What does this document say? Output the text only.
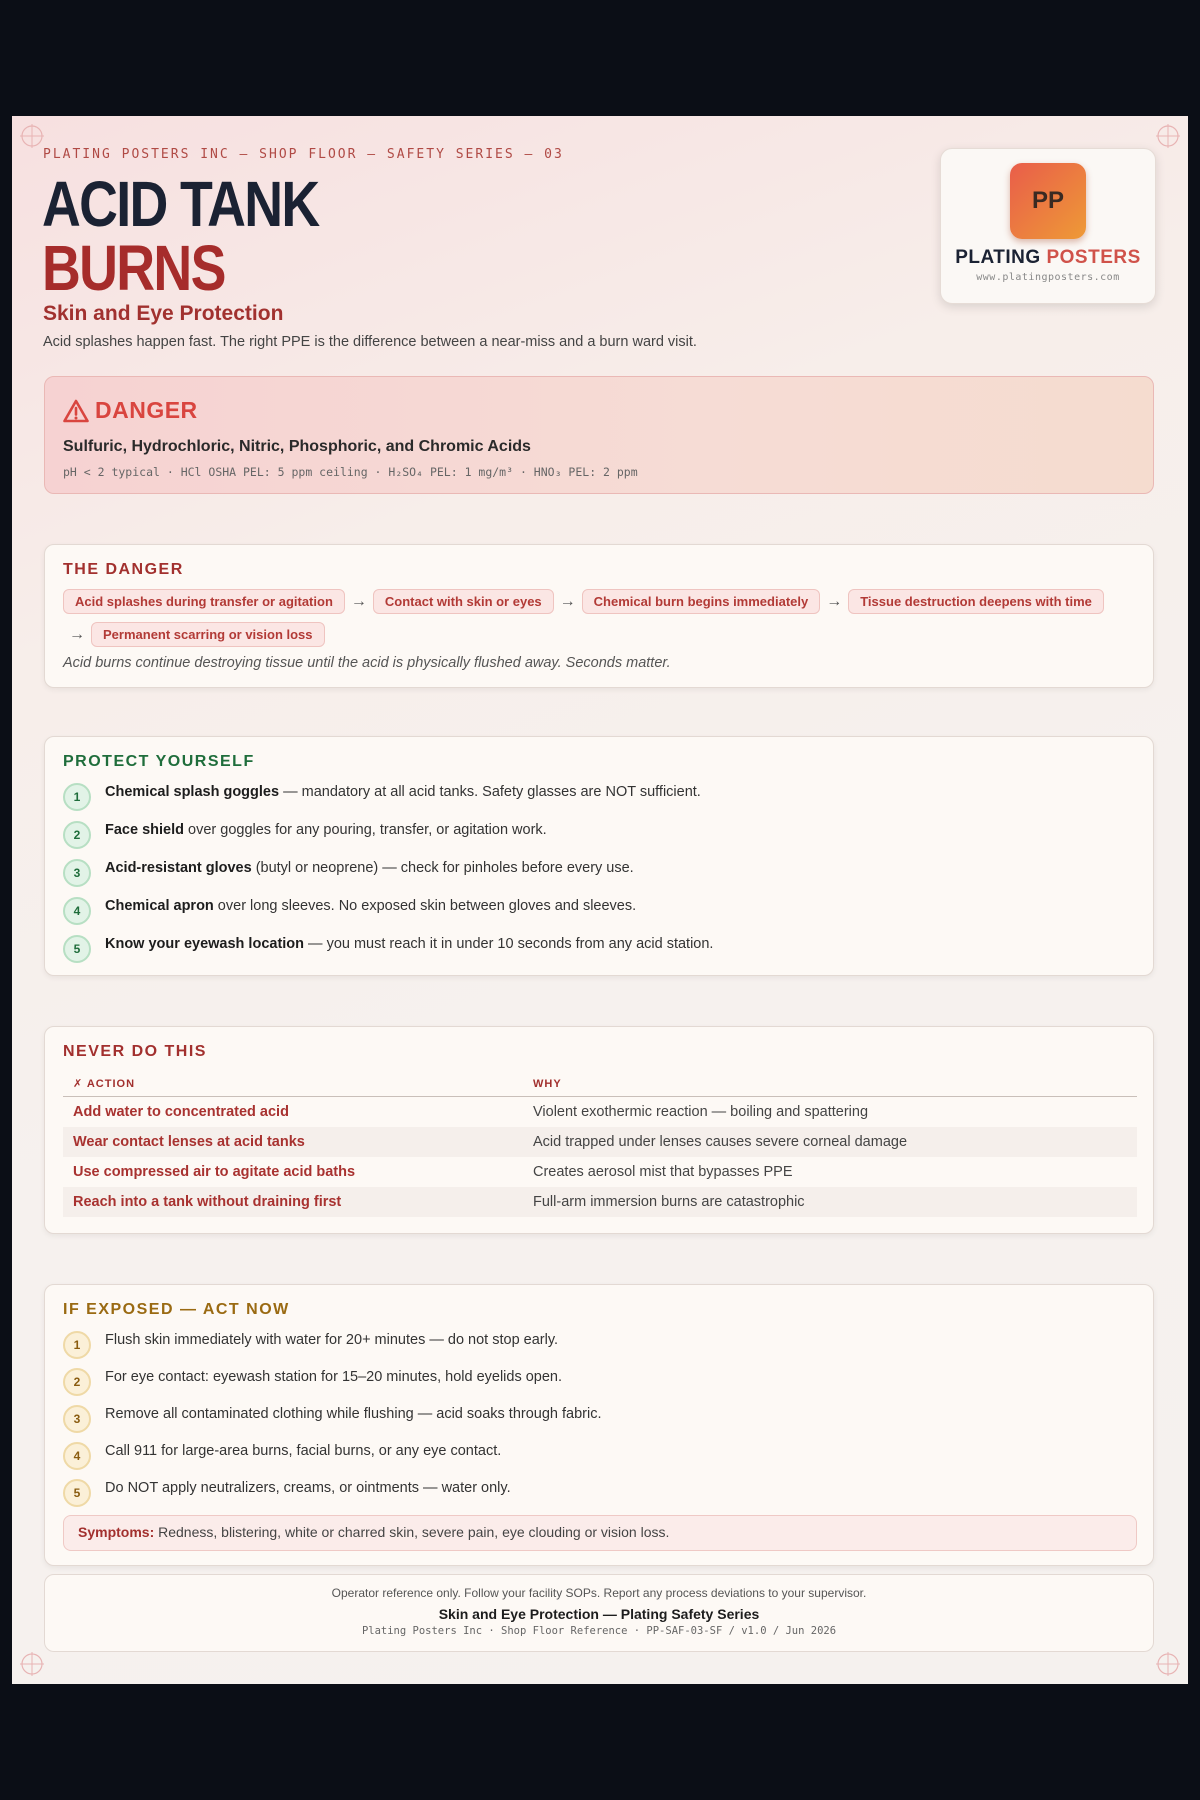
PLATING POSTERS INC — SHOP FLOOR — SAFETY SERIES — 03
ACID TANK
BURNS
Skin and Eye Protection
Acid splashes happen fast. The right PPE is the difference between a near-miss and a burn ward visit.
PP
PLATING POSTERS
www.platingposters.com
DANGER
Sulfuric, Hydrochloric, Nitric, Phosphoric, and Chromic Acids
pH < 2 typical · HCl OSHA PEL: 5 ppm ceiling · H₂SO₄ PEL: 1 mg/m³ · HNO₃ PEL: 2 ppm
THE DANGER
Acid splashes during transfer or agitation → Contact with skin or eyes → Chemical burn begins immediately → Tissue destruction deepens with time
→ Permanent scarring or vision loss
Acid burns continue destroying tissue until the acid is physically flushed away. Seconds matter.
PROTECT YOURSELF
1	Chemical splash goggles — mandatory at all acid tanks. Safety glasses are NOT sufficient.
2	Face shield over goggles for any pouring, transfer, or agitation work.
3	Acid-resistant gloves (butyl or neoprene) — check for pinholes before every use.
4	Chemical apron over long sleeves. No exposed skin between gloves and sleeves.
5	Know your eyewash location — you must reach it in under 10 seconds from any acid station.
NEVER DO THIS
✗ ACTION	WHY
Add water to concentrated acid	Violent exothermic reaction — boiling and spattering
Wear contact lenses at acid tanks	Acid trapped under lenses causes severe corneal damage
Use compressed air to agitate acid baths	Creates aerosol mist that bypasses PPE
Reach into a tank without draining first	Full-arm immersion burns are catastrophic
IF EXPOSED — ACT NOW
1	Flush skin immediately with water for 20+ minutes — do not stop early.
2	For eye contact: eyewash station for 15–20 minutes, hold eyelids open.
3	Remove all contaminated clothing while flushing — acid soaks through fabric.
4	Call 911 for large-area burns, facial burns, or any eye contact.
5	Do NOT apply neutralizers, creams, or ointments — water only.
Symptoms: Redness, blistering, white or charred skin, severe pain, eye clouding or vision loss.
Operator reference only. Follow your facility SOPs. Report any process deviations to your supervisor.
Skin and Eye Protection — Plating Safety Series
Plating Posters Inc · Shop Floor Reference · PP-SAF-03-SF / v1.0 / Jun 2026
